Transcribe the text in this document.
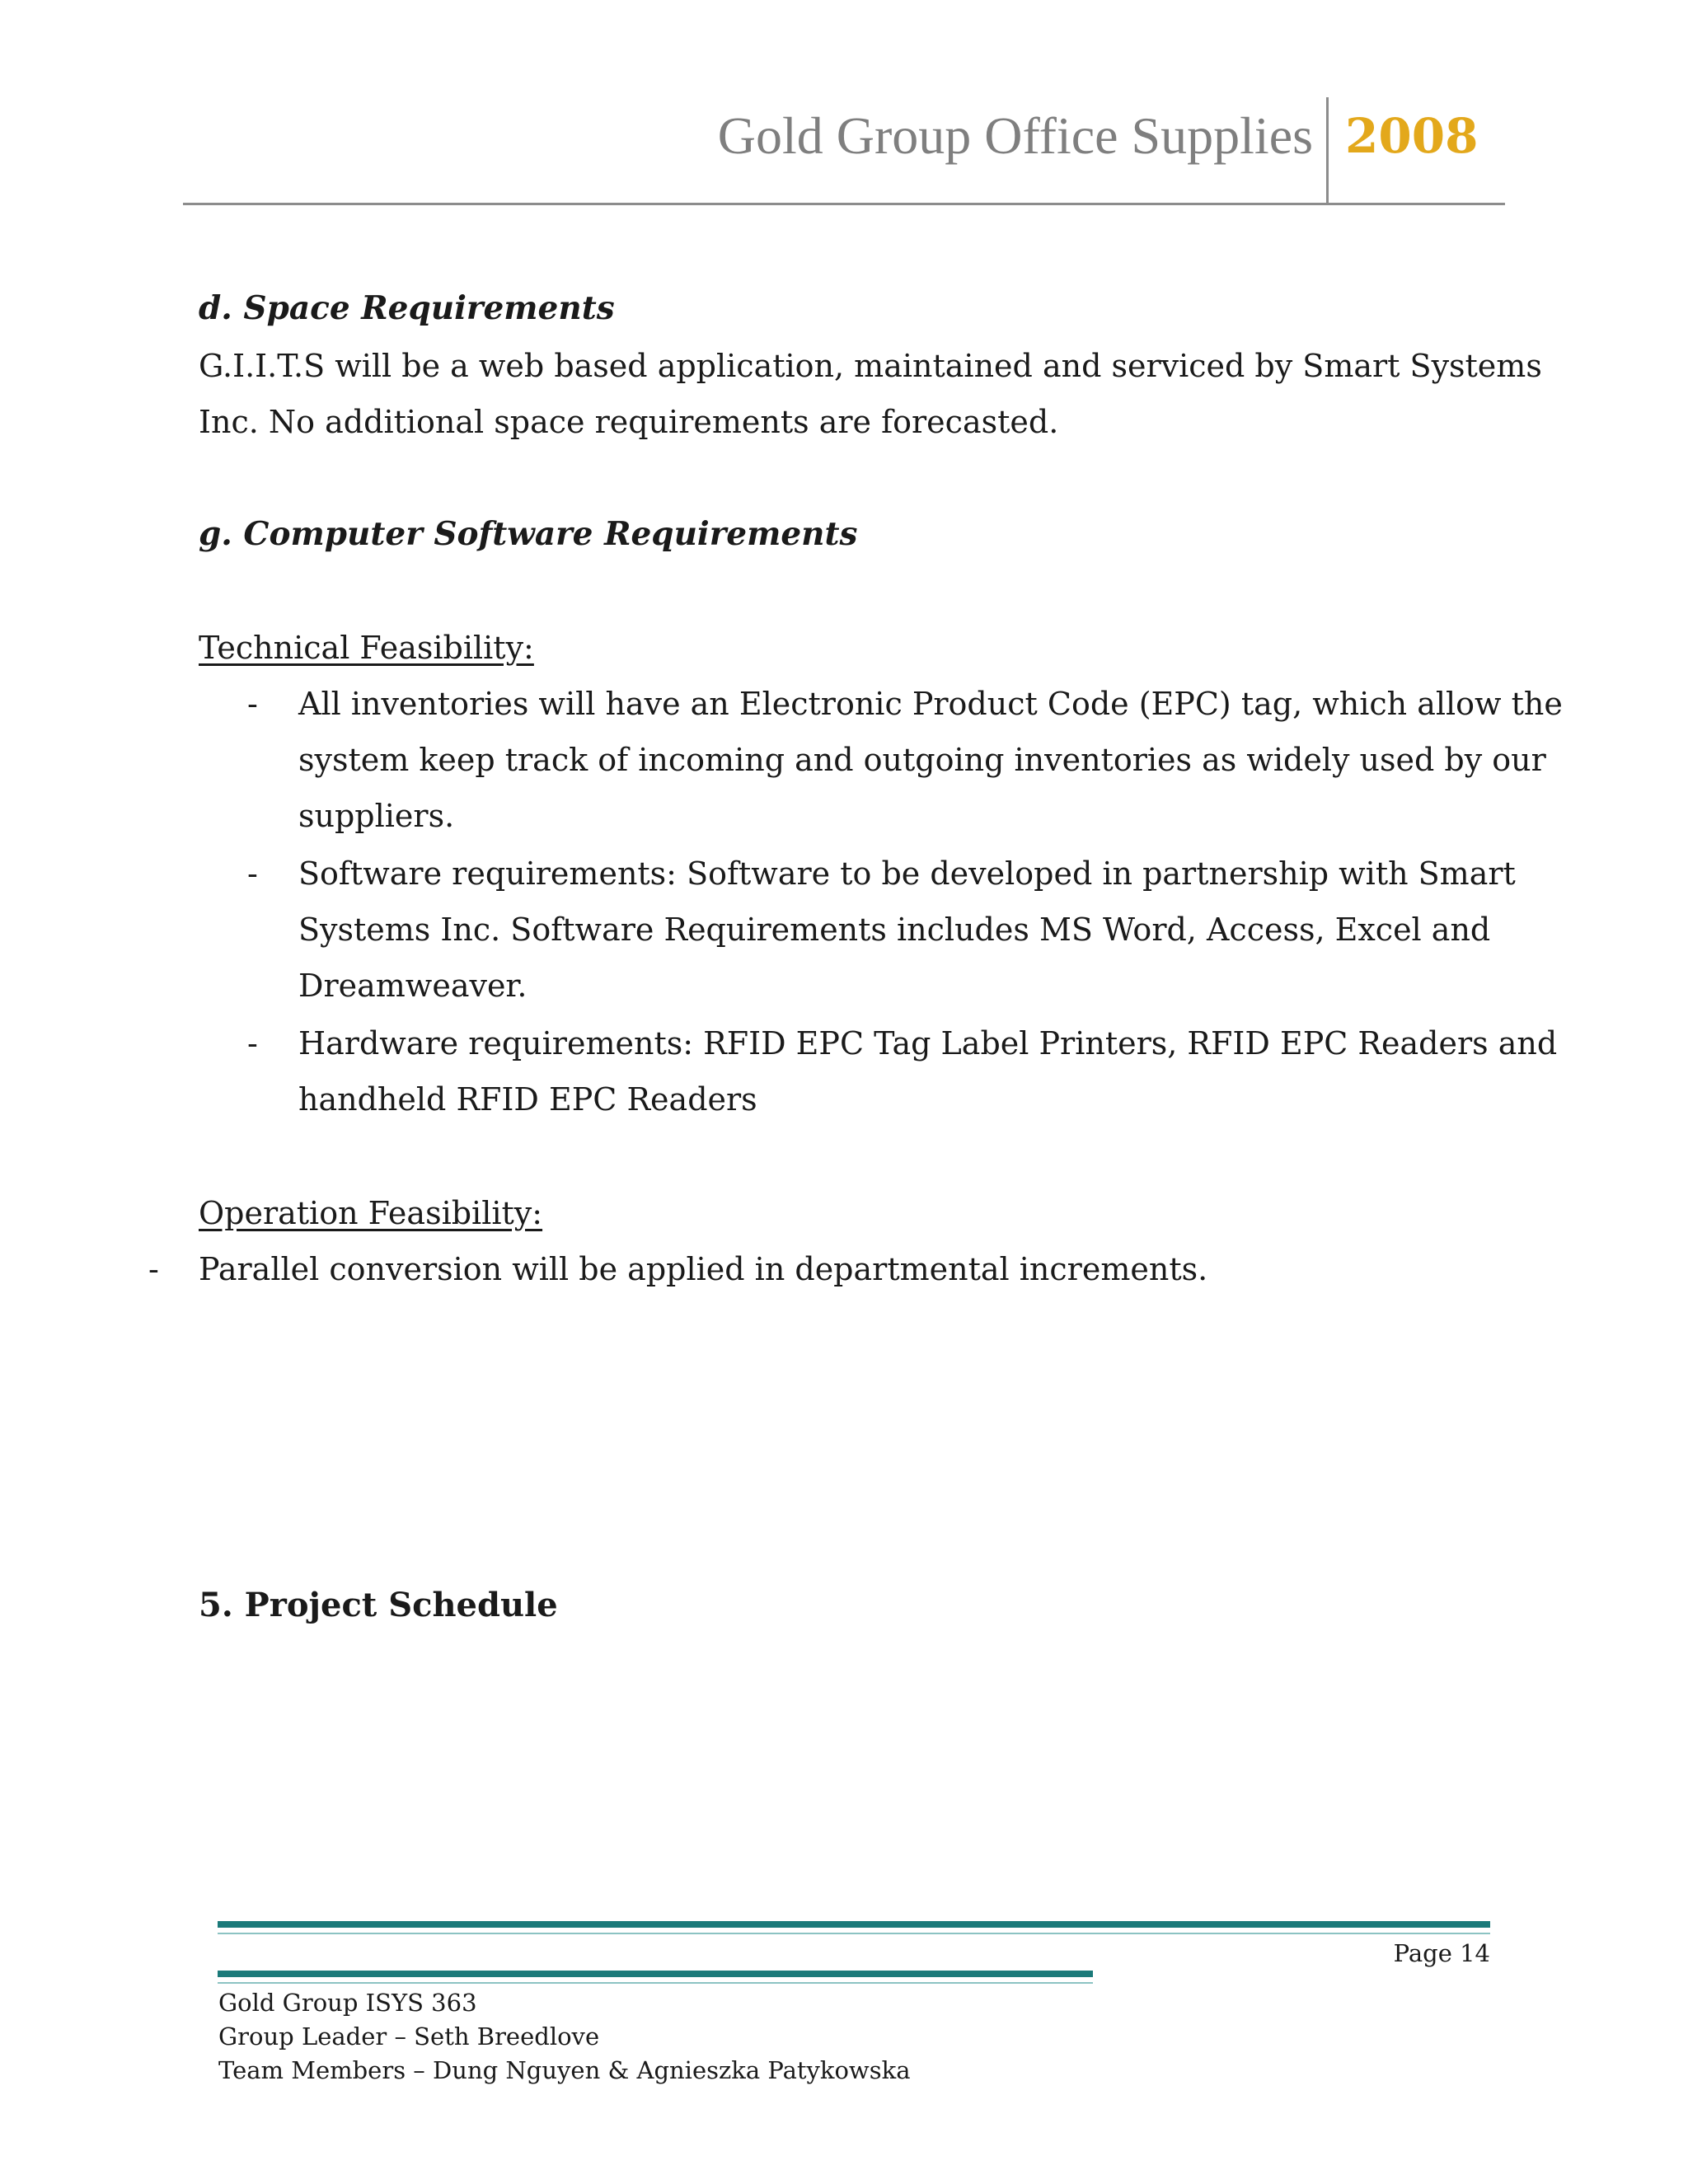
Gold Group Office Supplies 2008
d. Space Requirements
G.I.I.T.S will be a web based application, maintained and serviced by Smart Systems
Inc. No additional space requirements are forecasted.
g. Computer Software Requirements
Technical Feasibility:
- All inventories will have an Electronic Product Code (EPC) tag, which allow the
system keep track of incoming and outgoing inventories as widely used by our
suppliers.
- Software requirements: Software to be developed in partnership with Smart
Systems Inc. Software Requirements includes MS Word, Access, Excel and
Dreamweaver.
- Hardware requirements: RFID EPC Tag Label Printers, RFID EPC Readers and
handheld RFID EPC Readers
Operation Feasibility:
- Parallel conversion will be applied in departmental increments.
5. Project Schedule
Page 14
Gold Group ISYS 363
Group Leader – Seth Breedlove
Team Members – Dung Nguyen & Agnieszka Patykowska
